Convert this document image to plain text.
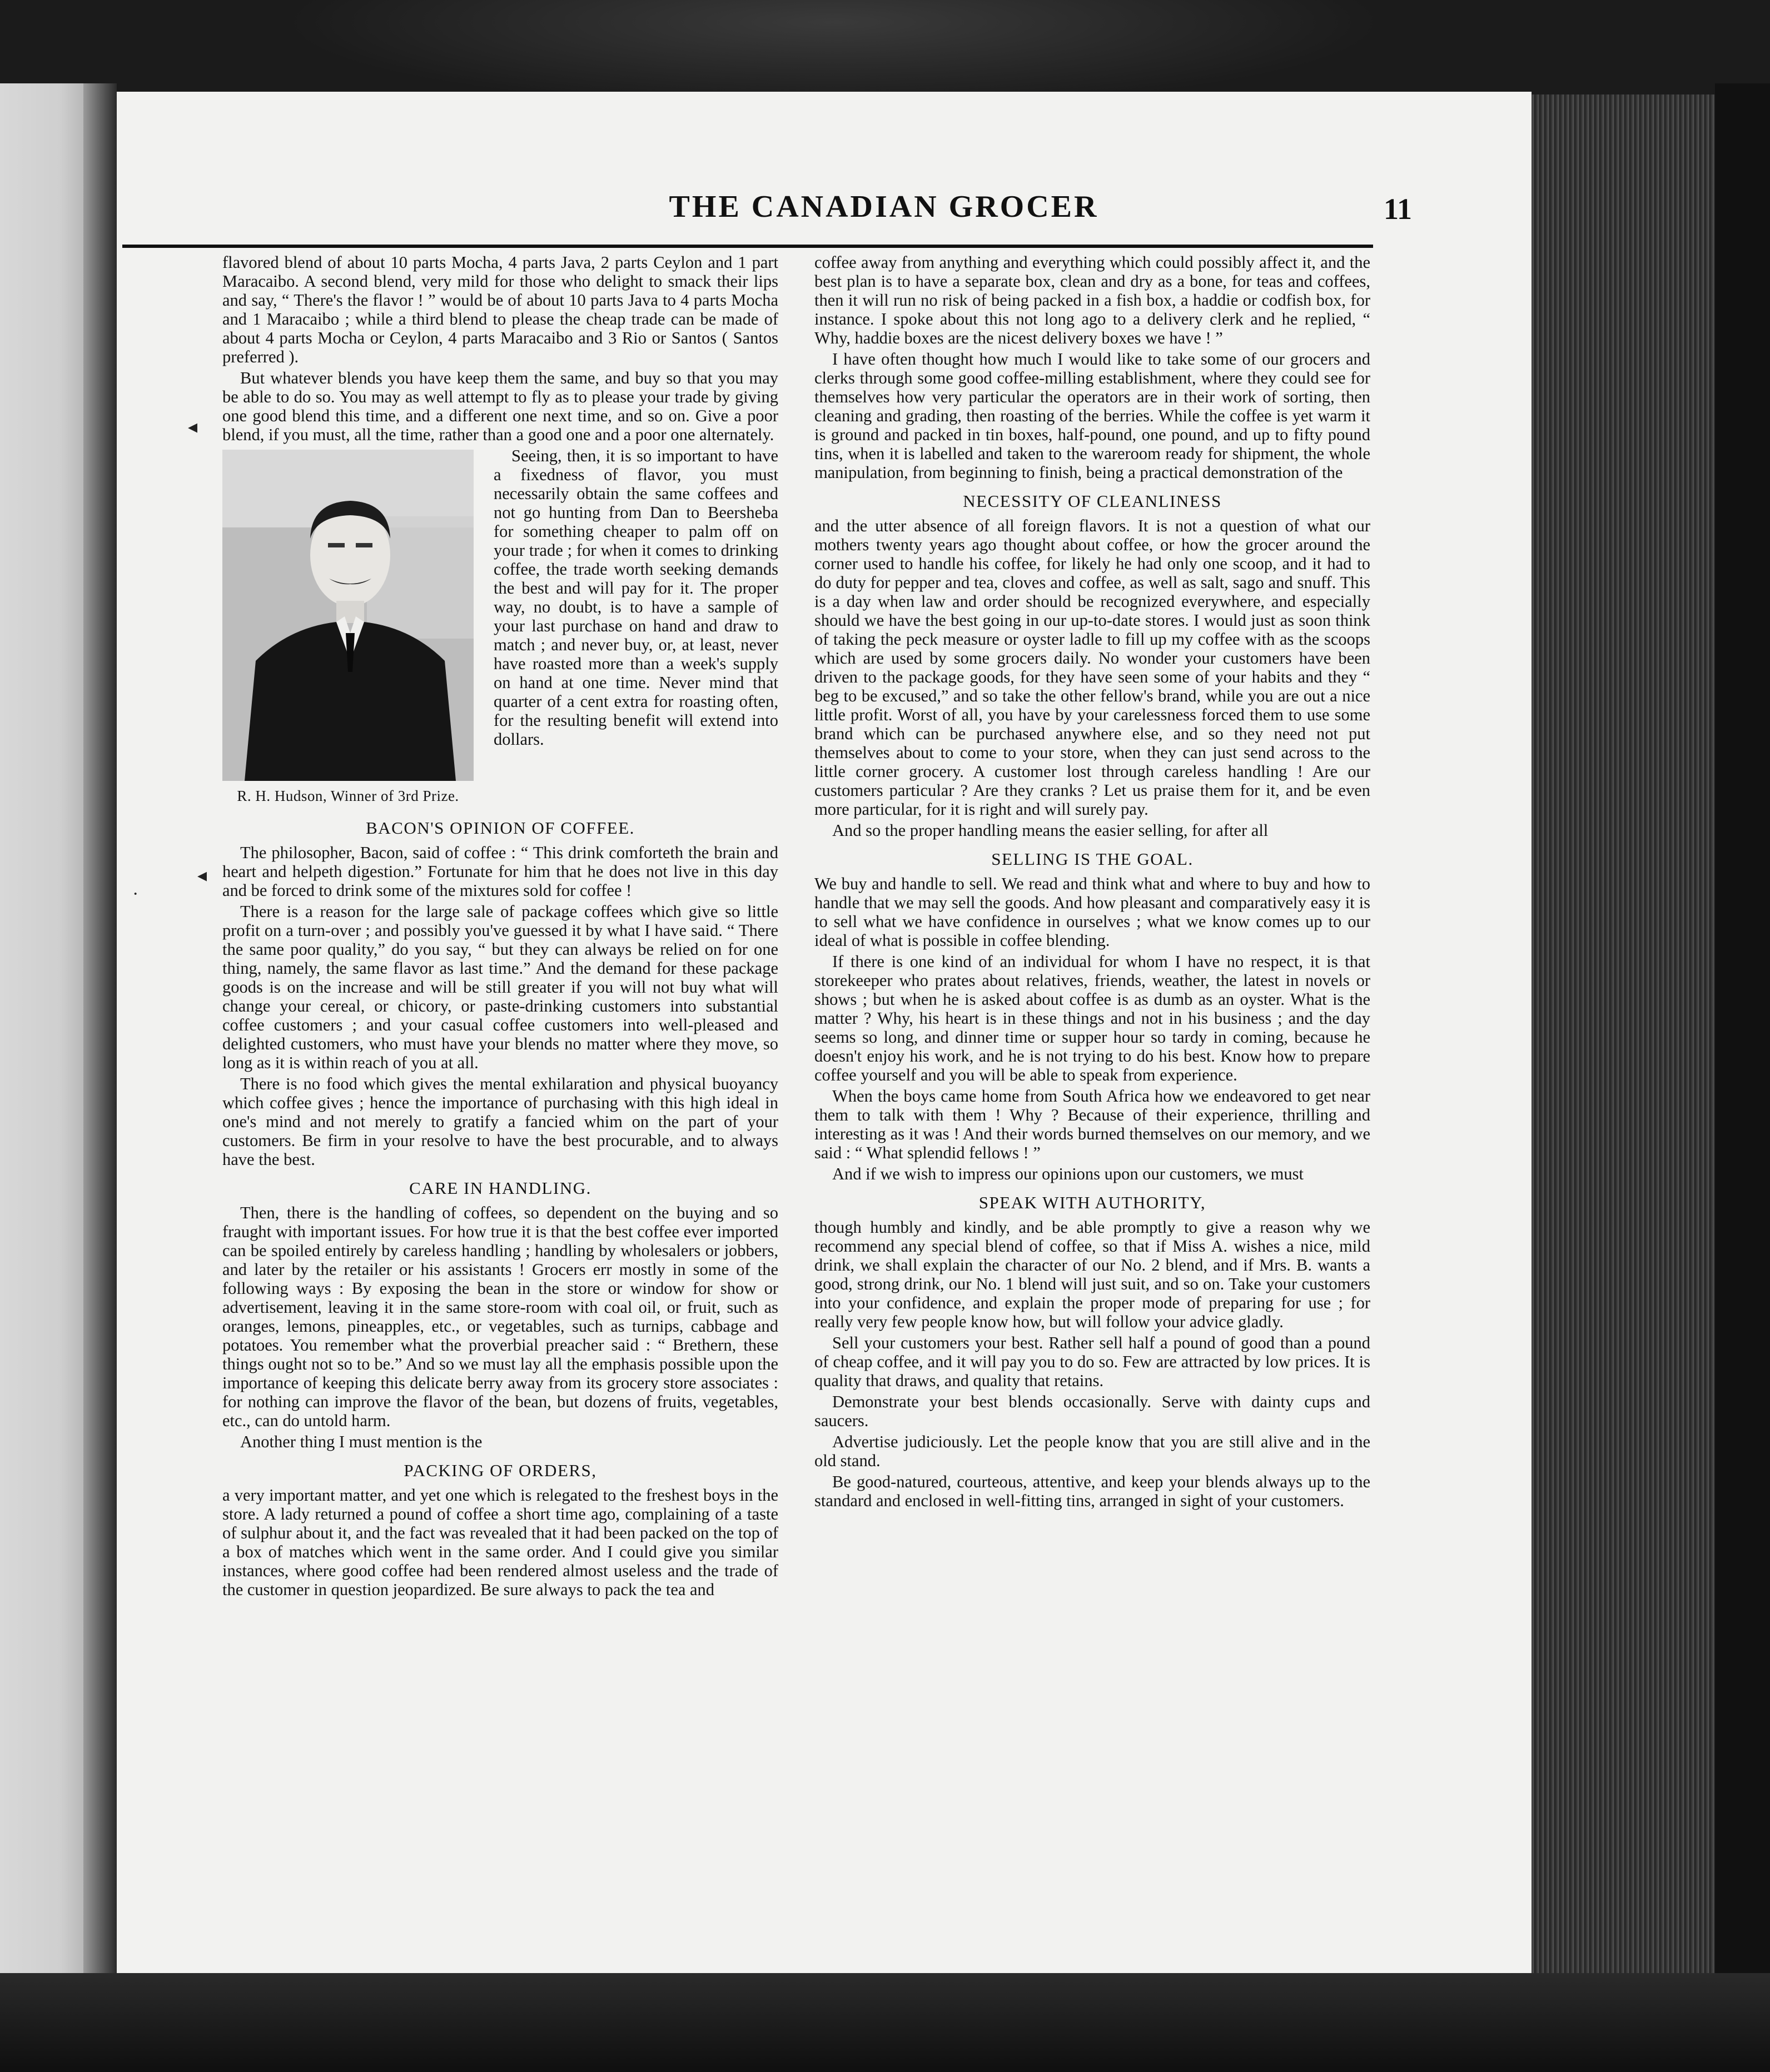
THE CANADIAN GROCER	11
◂
◂
·

flavored blend of about 10 parts Mocha, 4 parts Java, 2 parts Ceylon and 1 part Maracaibo. A second blend, very mild for those who delight to smack their lips and say, “ There's the flavor ! ” would be of about 10 parts Java to 4 parts Mocha and 1 Maracaibo ; while a third blend to please the cheap trade can be made of about 4 parts Mocha or Ceylon, 4 parts Maracaibo and 3 Rio or Santos ( Santos preferred ).

But whatever blends you have keep them the same, and buy so that you may be able to do so. You may as well attempt to fly as to please your trade by giving one good blend this time, and a different one next time, and so on. Give a poor blend, if you must, all the time, rather than a good one and a poor one alternately.

R. H. Hudson, Winner of 3rd Prize.

Seeing, then, it is so important to have a fixedness of flavor, you must necessarily obtain the same coffees and not go hunting from Dan to Beersheba for something cheaper to palm off on your trade ; for when it comes to drinking coffee, the trade worth seeking demands the best and will pay for it. The proper way, no doubt, is to have a sample of your last purchase on hand and draw to match ; and never buy, or, at least, never have roasted more than a week's supply on hand at one time. Never mind that quarter of a cent extra for roasting often, for the resulting benefit will extend into dollars.

BACON'S OPINION OF COFFEE.

The philosopher, Bacon, said of coffee : “ This drink comforteth the brain and heart and helpeth digestion.” Fortunate for him that he does not live in this day and be forced to drink some of the mixtures sold for coffee !

There is a reason for the large sale of package coffees which give so little profit on a turn-over ; and possibly you've guessed it by what I have said. “ There the same poor quality,” do you say, “ but they can always be relied on for one thing, namely, the same flavor as last time.” And the demand for these package goods is on the increase and will be still greater if you will not buy what will change your cereal, or chicory, or paste-drinking customers into substantial coffee customers ; and your casual coffee customers into well-pleased and delighted customers, who must have your blends no matter where they move, so long as it is within reach of you at all.

There is no food which gives the mental exhilaration and physical buoyancy which coffee gives ; hence the importance of purchasing with this high ideal in one's mind and not merely to gratify a fancied whim on the part of your customers. Be firm in your resolve to have the best procurable, and to always have the best.

CARE IN HANDLING.

Then, there is the handling of coffees, so dependent on the buying and so fraught with important issues. For how true it is that the best coffee ever imported can be spoiled entirely by careless handling ; handling by wholesalers or jobbers, and later by the retailer or his assistants ! Grocers err mostly in some of the following ways : By exposing the bean in the store or window for show or advertisement, leaving it in the same store-room with coal oil, or fruit, such as oranges, lemons, pineapples, etc., or vegetables, such as turnips, cabbage and potatoes. You remember what the proverbial preacher said : “ Brethern, these things ought not so to be.” And so we must lay all the emphasis possible upon the importance of keeping this delicate berry away from its grocery store associates : for nothing can improve the flavor of the bean, but dozens of fruits, vegetables, etc., can do untold harm.

Another thing I must mention is the

PACKING OF ORDERS,

a very important matter, and yet one which is relegated to the freshest boys in the store. A lady returned a pound of coffee a short time ago, complaining of a taste of sulphur about it, and the fact was revealed that it had been packed on the top of a box of matches which went in the same order. And I could give you similar instances, where good coffee had been rendered almost useless and the trade of the customer in question jeopardized. Be sure always to pack the tea and

coffee away from anything and everything which could possibly affect it, and the best plan is to have a separate box, clean and dry as a bone, for teas and coffees, then it will run no risk of being packed in a fish box, a haddie or codfish box, for instance. I spoke about this not long ago to a delivery clerk and he replied, “ Why, haddie boxes are the nicest delivery boxes we have ! ”

I have often thought how much I would like to take some of our grocers and clerks through some good coffee-milling establishment, where they could see for themselves how very particular the operators are in their work of sorting, then cleaning and grading, then roasting of the berries. While the coffee is yet warm it is ground and packed in tin boxes, half-pound, one pound, and up to fifty pound tins, when it is labelled and taken to the wareroom ready for shipment, the whole manipulation, from beginning to finish, being a practical demonstration of the

NECESSITY OF CLEANLINESS

and the utter absence of all foreign flavors. It is not a question of what our mothers twenty years ago thought about coffee, or how the grocer around the corner used to handle his coffee, for likely he had only one scoop, and it had to do duty for pepper and tea, cloves and coffee, as well as salt, sago and snuff. This is a day when law and order should be recognized everywhere, and especially should we have the best going in our up-to-date stores. I would just as soon think of taking the peck measure or oyster ladle to fill up my coffee with as the scoops which are used by some grocers daily. No wonder your customers have been driven to the package goods, for they have seen some of your habits and they “ beg to be excused,” and so take the other fellow's brand, while you are out a nice little profit. Worst of all, you have by your carelessness forced them to use some brand which can be purchased anywhere else, and so they need not put themselves about to come to your store, when they can just send across to the little corner grocery. A customer lost through careless handling ! Are our customers particular ? Are they cranks ? Let us praise them for it, and be even more particular, for it is right and will surely pay.

And so the proper handling means the easier selling, for after all

SELLING IS THE GOAL.

We buy and handle to sell. We read and think what and where to buy and how to handle that we may sell the goods. And how pleasant and comparatively easy it is to sell what we have confidence in ourselves ; what we know comes up to our ideal of what is possible in coffee blending.

If there is one kind of an individual for whom I have no respect, it is that storekeeper who prates about relatives, friends, weather, the latest in novels or shows ; but when he is asked about coffee is as dumb as an oyster. What is the matter ? Why, his heart is in these things and not in his business ; and the day seems so long, and dinner time or supper hour so tardy in coming, because he doesn't enjoy his work, and he is not trying to do his best. Know how to prepare coffee yourself and you will be able to speak from experience.

When the boys came home from South Africa how we endeavored to get near them to talk with them ! Why ? Because of their experience, thrilling and interesting as it was ! And their words burned themselves on our memory, and we said : “ What splendid fellows ! ”

And if we wish to impress our opinions upon our customers, we must

SPEAK WITH AUTHORITY,

though humbly and kindly, and be able promptly to give a reason why we recommend any special blend of coffee, so that if Miss A. wishes a nice, mild drink, we shall explain the character of our No. 2 blend, and if Mrs. B. wants a good, strong drink, our No. 1 blend will just suit, and so on. Take your customers into your confidence, and explain the proper mode of preparing for use ; for really very few people know how, but will follow your advice gladly.

Sell your customers your best. Rather sell half a pound of good than a pound of cheap coffee, and it will pay you to do so. Few are attracted by low prices. It is quality that draws, and quality that retains.

Demonstrate your best blends occasionally. Serve with dainty cups and saucers.

Advertise judiciously. Let the people know that you are still alive and in the old stand.

Be good-natured, courteous, attentive, and keep your blends always up to the standard and enclosed in well-fitting tins, arranged in sight of your customers.
